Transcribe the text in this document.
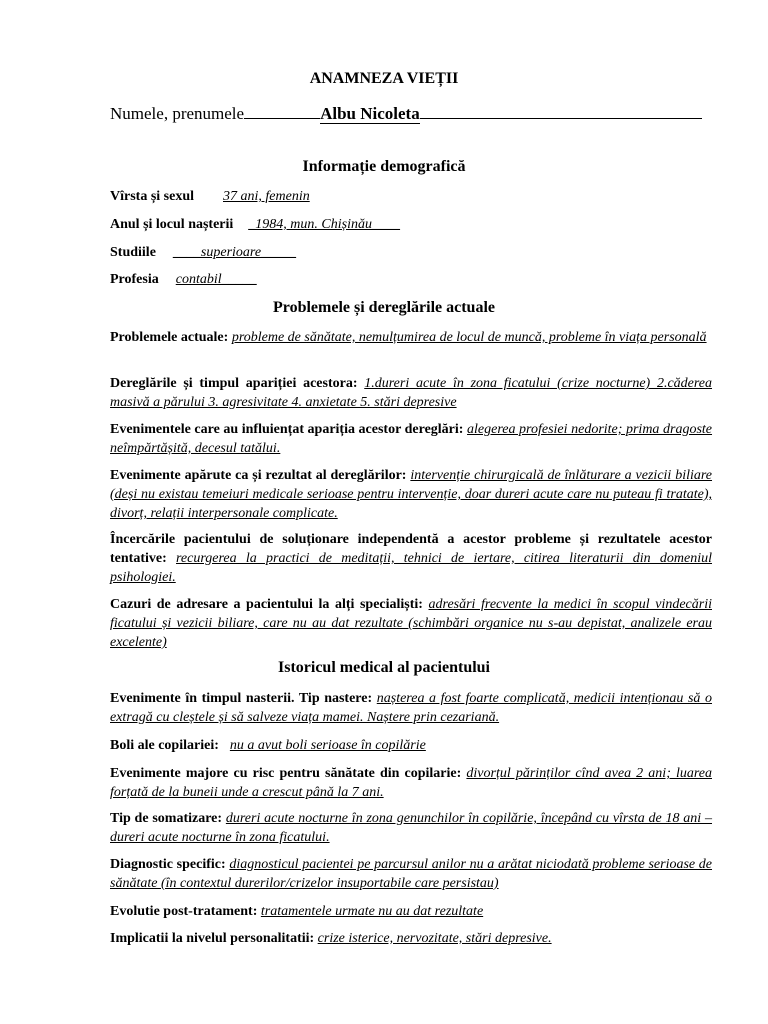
ANAMNEZA VIEȚII
Numele, prenumele	Albu Nicoleta
Informație demografică
Vîrsta și sexul 37 ani, femenin
Anul și locul nașterii _1984, mun. Chișinău____
Studiile ____superioare_____
Profesia contabil_____
Problemele și dereglările actuale
Problemele actuale: probleme de sănătate, nemulțumirea de locul de muncă, probleme în viața personală
Dereglările și timpul apariției acestora: 1.dureri acute în zona ficatului (crize nocturne) 2.căderea masivă a părului 3. agresivitate 4. anxietate 5. stări depresive
Evenimentele care au influiențat apariția acestor dereglări: alegerea profesiei nedorite; prima dragoste neîmpărtășită, decesul tatălui.
Evenimente apărute ca și rezultat al dereglărilor: intervenție chirurgicală de înlăturare a vezicii biliare (deși nu existau temeiuri medicale serioase pentru intervenție, doar dureri acute care nu puteau fi tratate), divorț, relații interpersonale complicate.
Încercările pacientului de soluționare independentă a acestor probleme și rezultatele acestor tentative: recurgerea la practici de meditații, tehnici de iertare, citirea literaturii din domeniul psihologiei.
Cazuri de adresare a pacientului la alți specialiști: adresări frecvente la medici în scopul vindecării ficatului și vezicii biliare, care nu au dat rezultate (schimbări organice nu s-au depistat, analizele erau excelente)
Istoricul medical al pacientului
Evenimente în timpul nasterii. Tip nastere: nașterea a fost foarte complicată, medicii intenționau să o extragă cu cleștele și să salveze viața mamei. Naștere prin cezariană.
Boli ale copilariei: nu a avut boli serioase în copilărie
Evenimente majore cu risc pentru sănătate din copilarie: divorțul părinților cînd avea 2 ani; luarea forțată de la buneii unde a crescut până la 7 ani.
Tip de somatizare: dureri acute nocturne în zona genunchilor în copilărie, începând cu vîrsta de 18 ani – dureri acute nocturne în zona ficatului.
Diagnostic specific: diagnosticul pacientei pe parcursul anilor nu a arătat niciodată probleme serioase de sănătate (în contextul durerilor/crizelor insuportabile care persistau)
Evolutie post-tratament: tratamentele urmate nu au dat rezultate
Implicatii la nivelul personalitatii: crize isterice, nervozitate, stări depresive.
